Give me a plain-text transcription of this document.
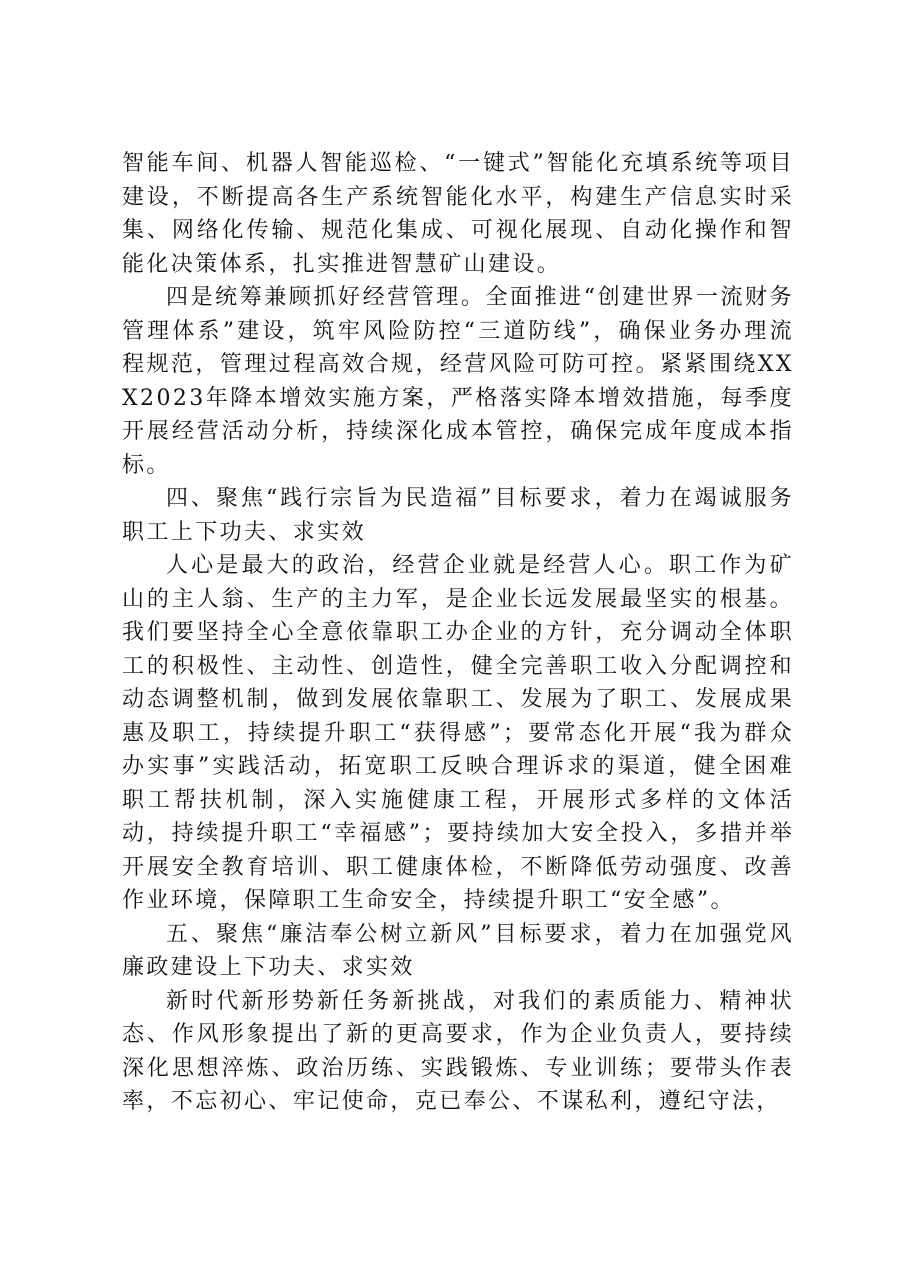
智能车间、机器人智能巡检、“一键式”智能化充填系统等项目建设，不断提高各生产系统智能化水平，构建生产信息实时采集、网络化传输、规范化集成、可视化展现、自动化操作和智能化决策体系，扎实推进智慧矿山建设。

四是统筹兼顾抓好经营管理。全面推进“创建世界一流财务管理体系”建设，筑牢风险防控“三道防线”，确保业务办理流程规范，管理过程高效合规，经营风险可防可控。紧紧围绕XXX2023年降本增效实施方案，严格落实降本增效措施，每季度开展经营活动分析，持续深化成本管控，确保完成年度成本指标。

四、聚焦“践行宗旨为民造福”目标要求，着力在竭诚服务职工上下功夫、求实效

人心是最大的政治，经营企业就是经营人心。职工作为矿山的主人翁、生产的主力军，是企业长远发展最坚实的根基。我们要坚持全心全意依靠职工办企业的方针，充分调动全体职工的积极性、主动性、创造性，健全完善职工收入分配调控和动态调整机制，做到发展依靠职工、发展为了职工、发展成果惠及职工，持续提升职工“获得感”；要常态化开展“我为群众办实事”实践活动，拓宽职工反映合理诉求的渠道，健全困难职工帮扶机制，深入实施健康工程，开展形式多样的文体活动，持续提升职工“幸福感”；要持续加大安全投入，多措并举开展安全教育培训、职工健康体检，不断降低劳动强度、改善作业环境，保障职工生命安全，持续提升职工“安全感”。

五、聚焦“廉洁奉公树立新风”目标要求，着力在加强党风廉政建设上下功夫、求实效

新时代新形势新任务新挑战，对我们的素质能力、精神状态、作风形象提出了新的更高要求，作为企业负责人，要持续深化思想淬炼、政治历练、实践锻炼、专业训练；要带头作表率，不忘初心、牢记使命，克已奉公、不谋私利，遵纪守法，
